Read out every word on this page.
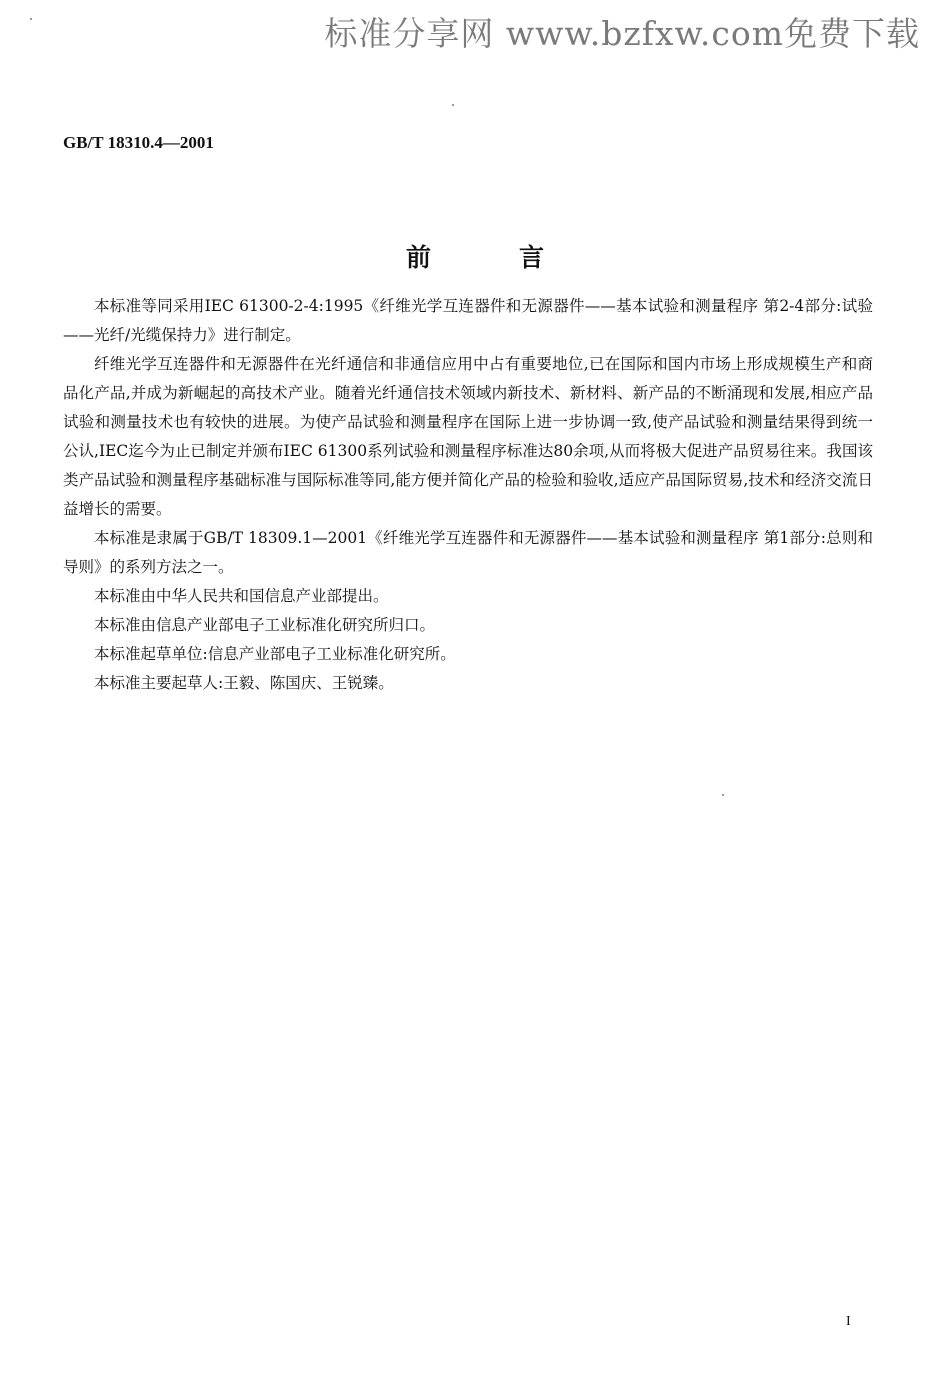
标准分享网 www.bzfxw.com免费下载
GB/T 18310.4—2001
前言

本标准等同采用IEC 61300-2-4:1995《纤维光学互连器件和无源器件——基本试验和测量程序 第2-4部分:试验——光纤/光缆保持力》进行制定。

纤维光学互连器件和无源器件在光纤通信和非通信应用中占有重要地位,已在国际和国内市场上形成规模生产和商品化产品,并成为新崛起的高技术产业。随着光纤通信技术领域内新技术、新材料、新产品的不断涌现和发展,相应产品试验和测量技术也有较快的进展。为使产品试验和测量程序在国际上进一步协调一致,使产品试验和测量结果得到统一公认,IEC迄今为止已制定并颁布IEC 61300系列试验和测量程序标准达80余项,从而将极大促进产品贸易往来。我国该类产品试验和测量程序基础标准与国际标准等同,能方便并简化产品的检验和验收,适应产品国际贸易,技术和经济交流日益增长的需要。

本标准是隶属于GB/T 18309.1—2001《纤维光学互连器件和无源器件——基本试验和测量程序 第1部分:总则和导则》的系列方法之一。

本标准由中华人民共和国信息产业部提出。

本标准由信息产业部电子工业标准化研究所归口。

本标准起草单位:信息产业部电子工业标准化研究所。

本标准主要起草人:王毅、陈国庆、王锐臻。

I
